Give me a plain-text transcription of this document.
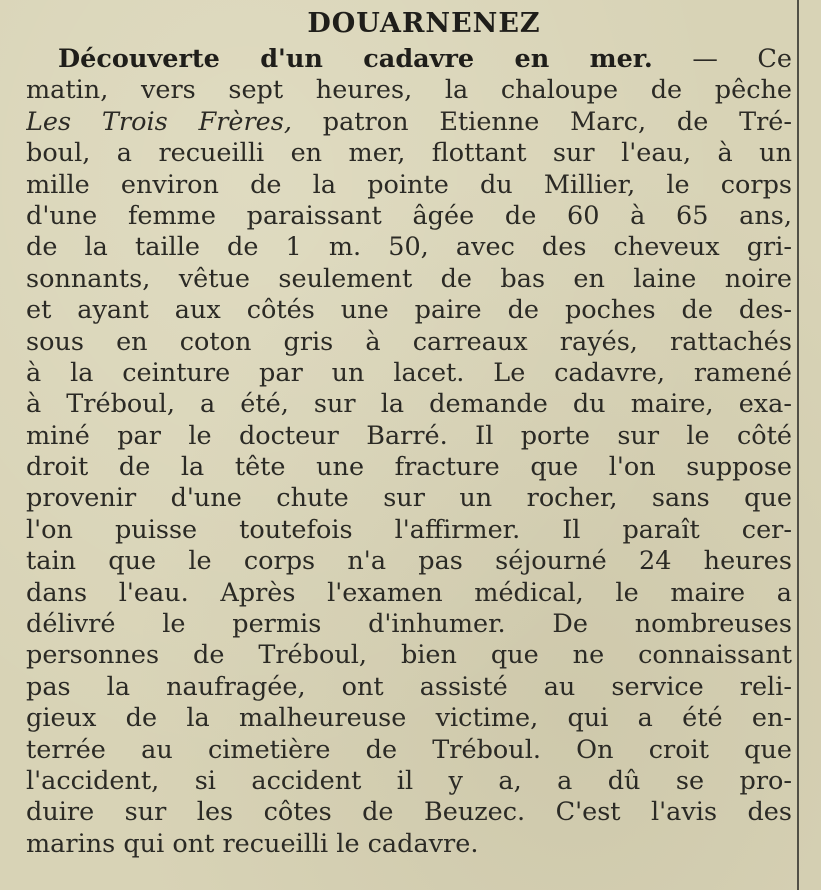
DOUARNENEZ
Découverte d'un cadavre en mer. — Ce
matin, vers sept heures, la chaloupe de pêche
Les Trois Frères, patron Etienne Marc, de Tré-
boul, a recueilli en mer, flottant sur l'eau, à un
mille environ de la pointe du Millier, le corps
d'une femme paraissant âgée de 60 à 65 ans,
de la taille de 1 m. 50, avec des cheveux gri-
sonnants, vêtue seulement de bas en laine noire
et ayant aux côtés une paire de poches de des-
sous en coton gris à carreaux rayés, rattachés
à la ceinture par un lacet. Le cadavre, ramené
à Tréboul, a été, sur la demande du maire, exa-
miné par le docteur Barré. Il porte sur le côté
droit de la tête une fracture que l'on suppose
provenir d'une chute sur un rocher, sans que
l'on puisse toutefois l'affirmer. Il paraît cer-
tain que le corps n'a pas séjourné 24 heures
dans l'eau. Après l'examen médical, le maire a
délivré le permis d'inhumer. De nombreuses
personnes de Tréboul, bien que ne connaissant
pas la naufragée, ont assisté au service reli-
gieux de la malheureuse victime, qui a été en-
terrée au cimetière de Tréboul. On croit que
l'accident, si accident il y a, a dû se pro-
duire sur les côtes de Beuzec. C'est l'avis des
marins qui ont recueilli le cadavre.
